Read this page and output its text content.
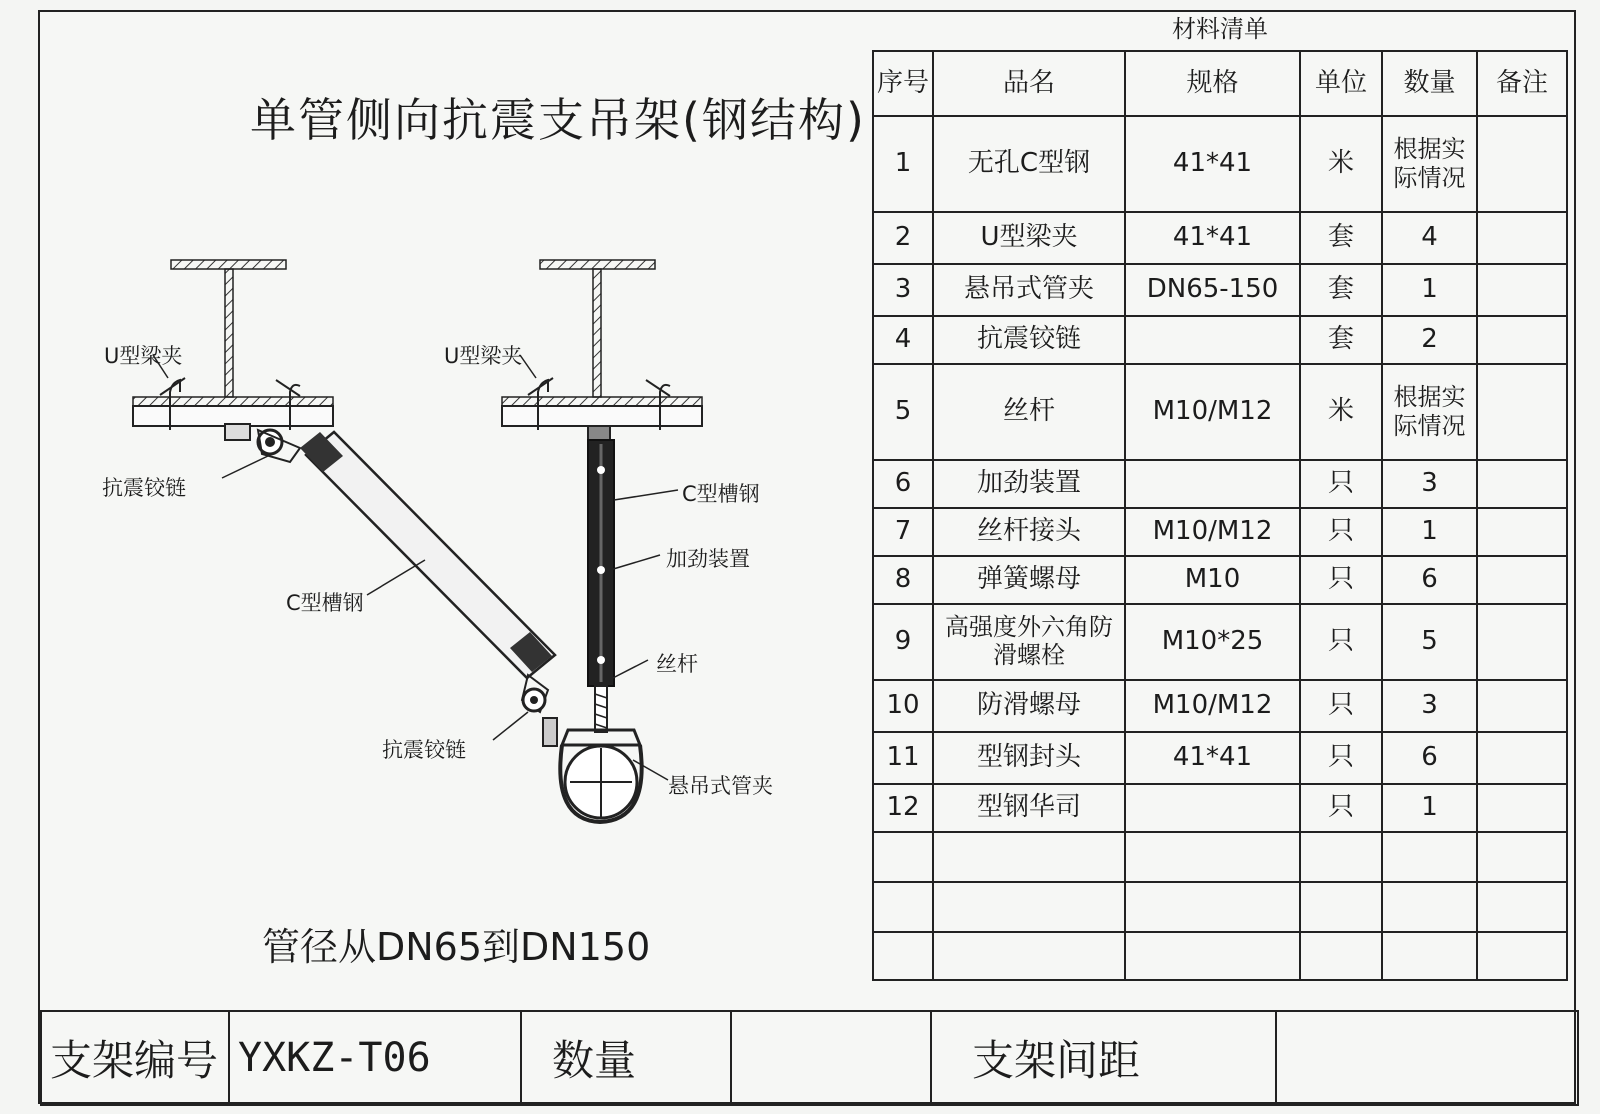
单管侧向抗震支吊架(钢结构)
U型梁夹	U型梁夹
抗震铰链
C型槽钢
C型槽钢
加劲装置
丝杆
抗震铰链
悬吊式管夹
管径从DN65到DN150
材料清单					
序号	品名	规格	单位	数量	备注
1	无孔C型钢	41*41	米	根据实际情况	
2	U型梁夹	41*41	套	4	
3	悬吊式管夹	DN65-150	套	1	
4	抗震铰链		套	2	
5	丝杆	M10/M12	米	根据实际情况	
6	加劲装置		只	3	
7	丝杆接头	M10/M12	只	1	
8	弹簧螺母	M10	只	6	
9	高强度外六角防滑螺栓	M10*25	只	5	
10	防滑螺母	M10/M12	只	3	
11	型钢封头	41*41	只	6	
12	型钢华司		只	1	

支架编号	YXKZ-T06	数量		支架间距	
